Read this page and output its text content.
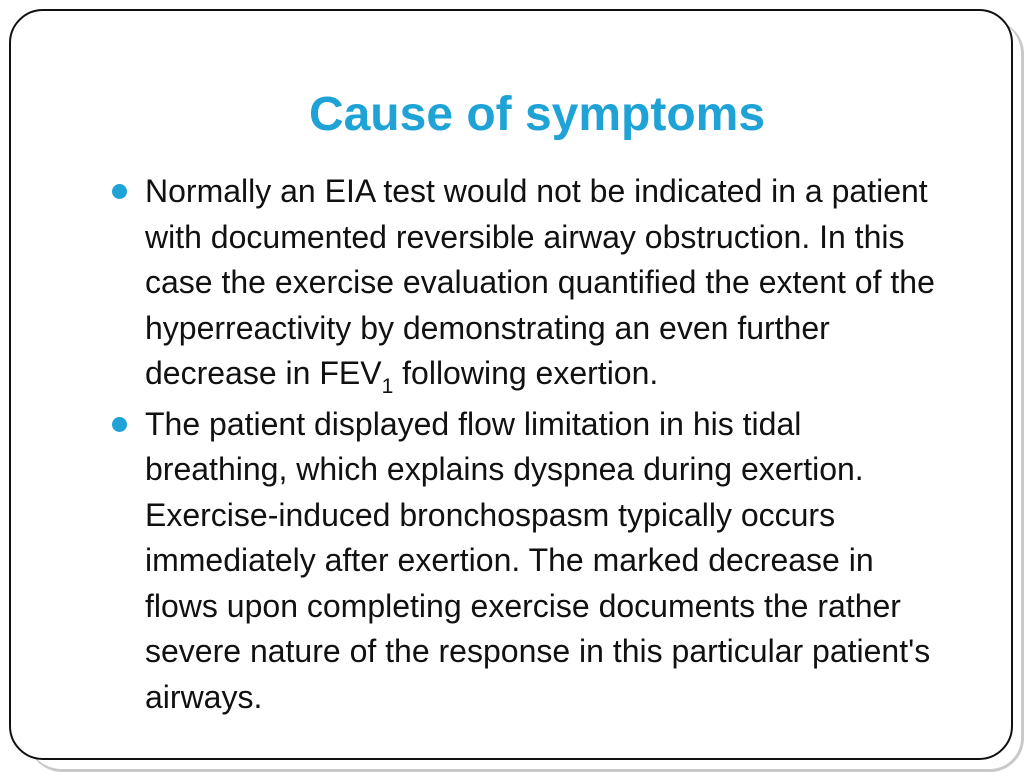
Cause of symptoms
Normally an EIA test would not be indicated in a patient with documented reversible airway obstruction. In this case the exercise evaluation quantified the extent of the hyperreactivity by demonstrating an even further decrease in $FEV_1$ following exertion.
The patient displayed flow limitation in his tidal breathing, which explains dyspnea during exertion. Exercise-induced bronchospasm typically occurs immediately after exertion. The marked decrease in flows upon completing exercise documents the rather severe nature of the response in this particular patient's airways.
